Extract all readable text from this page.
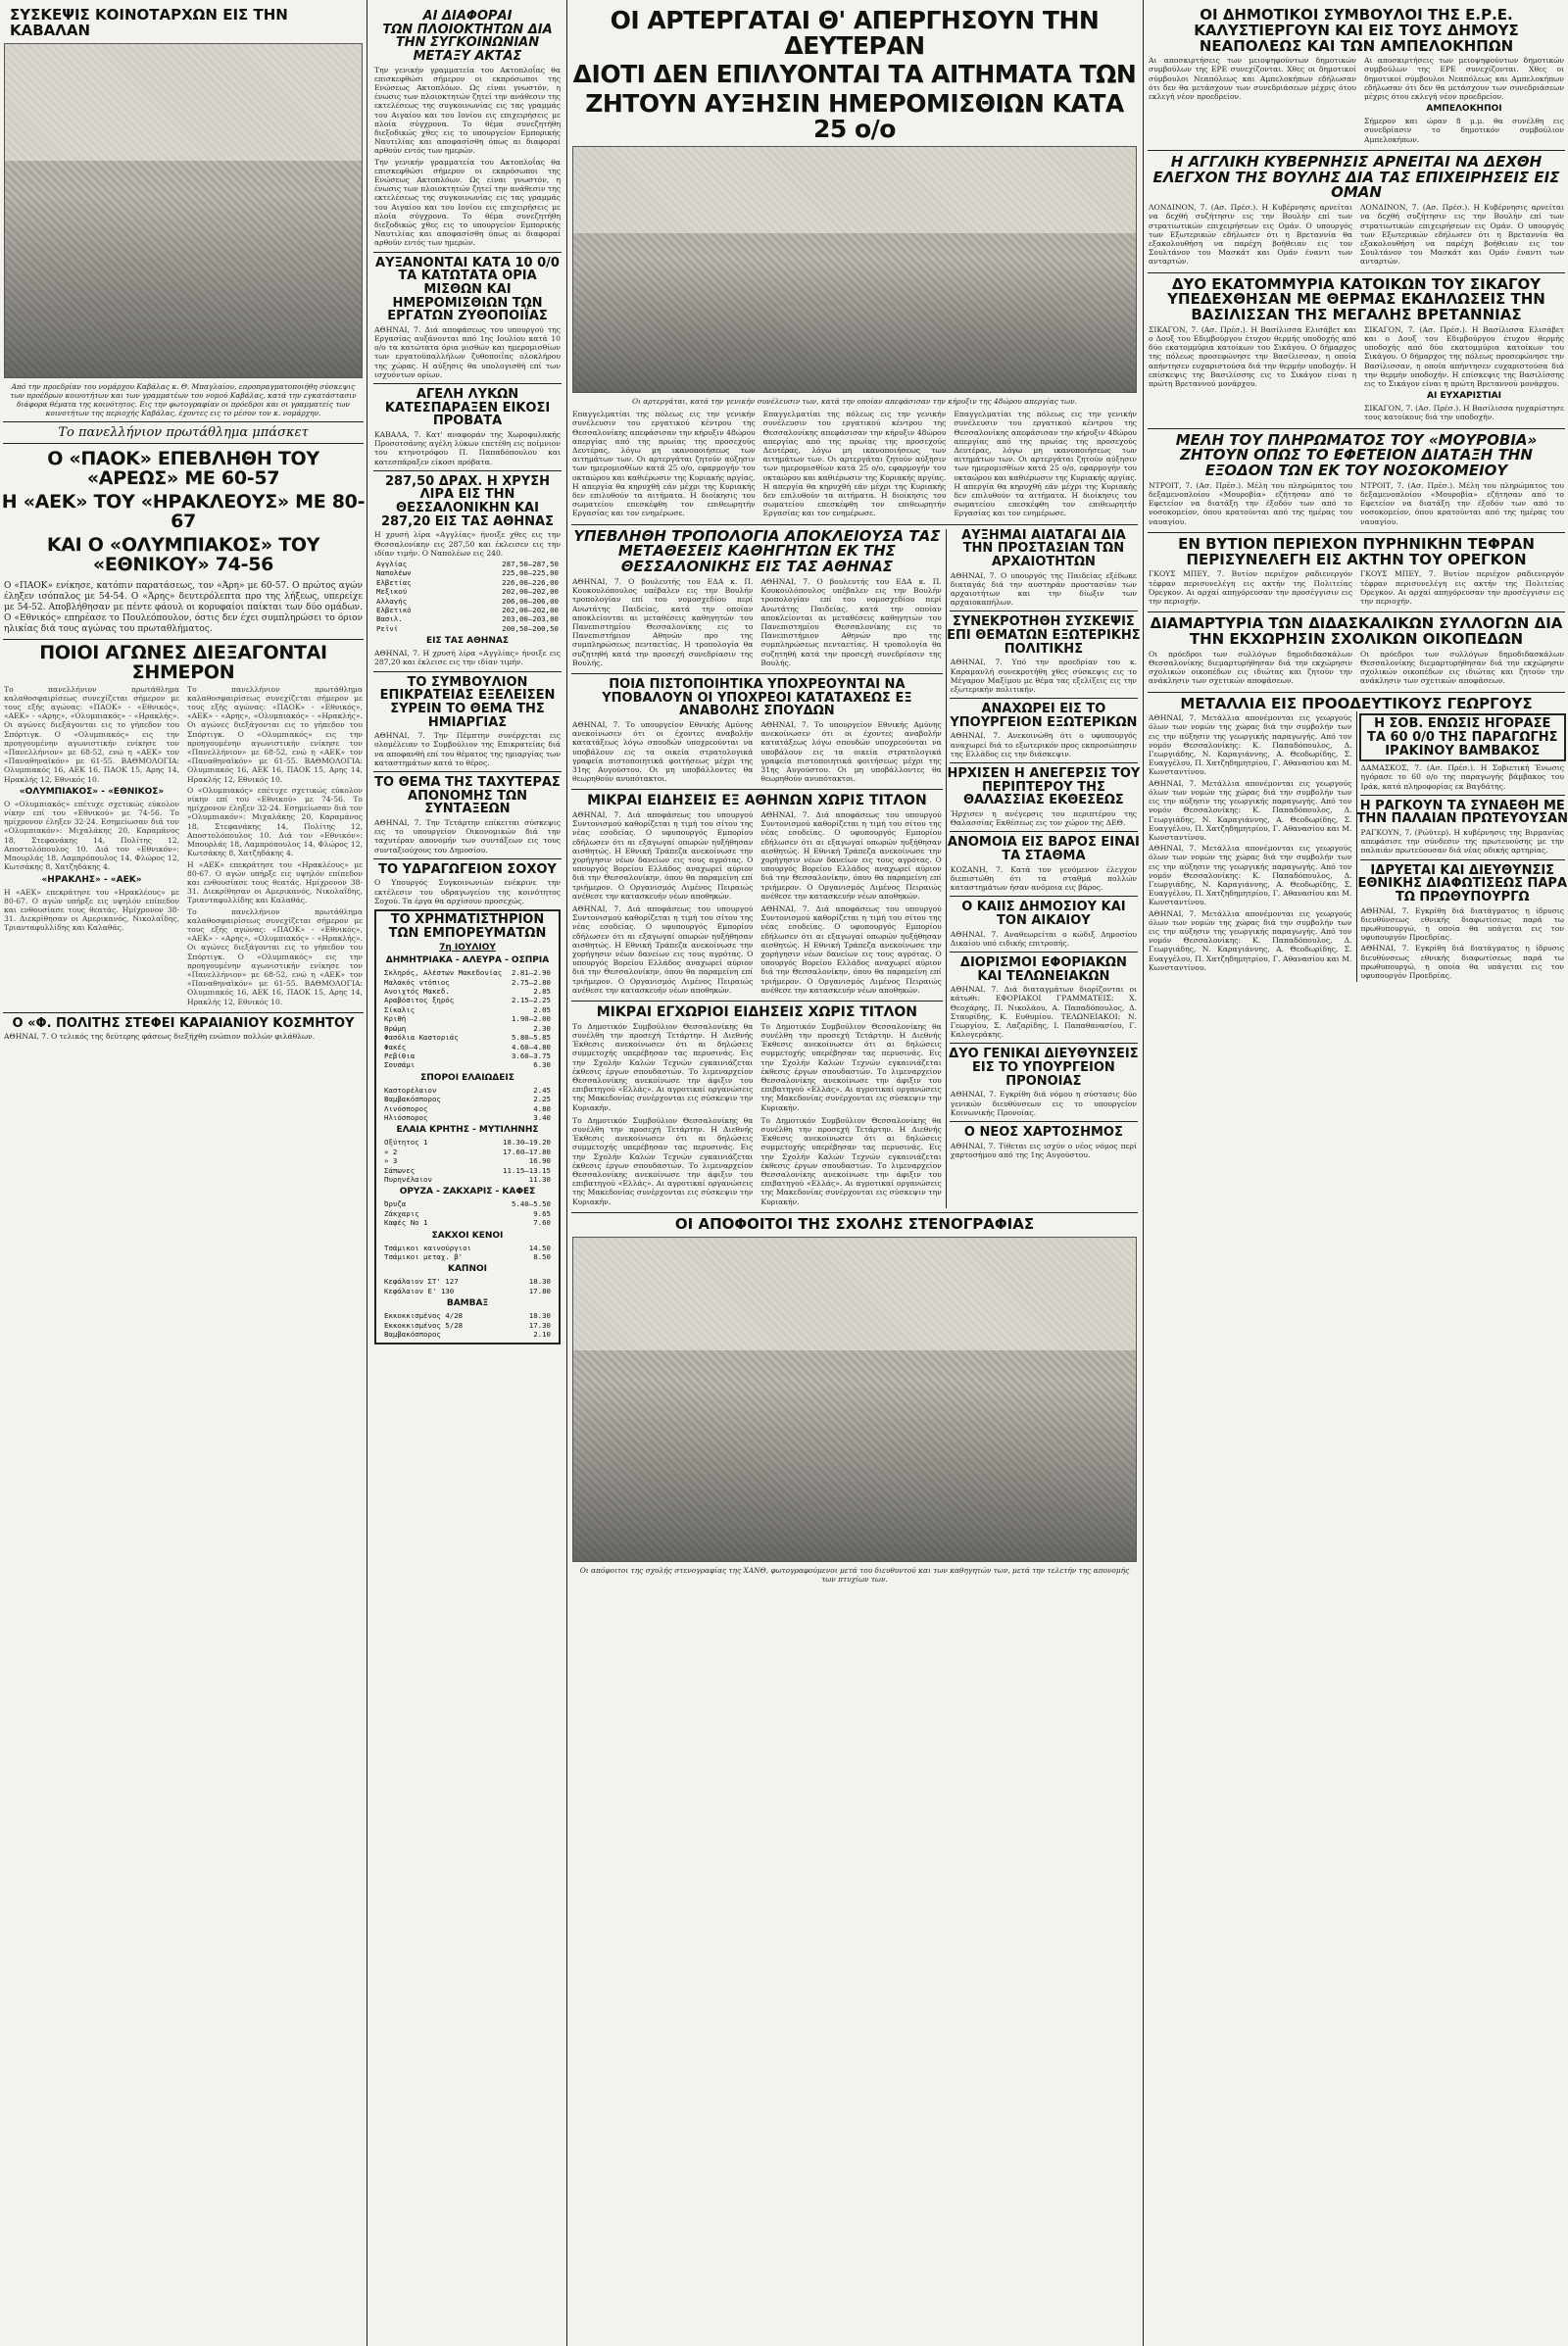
ΣΥΣΚΕΨΙΣ ΚΟΙΝΟΤΑΡΧΩΝ ΕΙΣ ΤΗΝ ΚΑΒΑΛΑΝ

Από την προεδρίαν του νομάρχου Καβάλας κ. Θ. Μπαγλαίου, επροπραγματοποιήθη σύσκεψις των προέδρων κοινοτήτων και των γραμματέων του νομού Καβάλας, κατά την εγκατάστασιν διάφορα θέματα της κοινότητος. Εις την φωτογραφίαν οι πρόεδροι και οι γραμματείς των κοινοτήτων της περιοχής Καβάλας, έχοντες εις το μέσον τον κ. νομάρχην.

Το πανελλήνιον πρωτάθλημα μπάσκετ

Ο «ΠΑΟΚ» ΕΠΕΒΛΗΘΗ ΤΟΥ «ΑΡΕΩΣ» ΜΕ 60-57
Η «ΑΕΚ» ΤΟΥ «ΗΡΑΚΛΕΟΥΣ» ΜΕ 80-67
ΚΑΙ Ο «ΟΛΥΜΠΙΑΚΟΣ» ΤΟΥ «ΕΘΝΙΚΟΥ» 74-56

Ο «ΠΑΟΚ» ενίκησε, κατόπιν παρατάσεως, τον «Άρη» με 60-57. Ο πρώτος αγών έληξεν ισόπαλος με 54-54. Ο «Άρης» δευτερόλεπτα προ της λήξεως, υπερείχε με 54-52. Αποβλήθησαν με πέντε φάουλ οι κορυφαίοι παίκται των δύο ομάδων. Ο «Εθνικός» επηρέασε το Πουλεόπουλον, όστις δεν έχει συμπληρώσει το όριον ηλικίας διά τους αγώνας του πρωταθλήματος.

ΠΟΙΟΙ ΑΓΩΝΕΣ ΔΙΕΞΑΓΟΝΤΑΙ ΣΗΜΕΡΟΝ

Το πανελλήνιον πρωτάθλημα καλαθοσφαιρίσεως συνεχίζεται σήμερον με τους εξής αγώνας: «ΠΑΟΚ» - «Εθνικός», «ΑΕΚ» - «Αρης», «Ολυμπιακός» - «Ηρακλής». Οι αγώνες διεξάγονται εις το γήπεδον του Σπόρτιγκ. Ο «Ολυμπιακός» εις την προηγουμένην αγωνιστικήν ενίκησε τον «Πανελλήνιον» με 68-52, ενώ η «ΑΕΚ» τον «Παναθηναϊκόν» με 61-55. ΒΑΘΜΟΛΟΓΙΑ: Ολυμπιακός 16, ΑΕΚ 16, ΠΑΟΚ 15, Αρης 14, Ηρακλής 12, Εθνικός 10.

«ΟΛΥΜΠΙΑΚΟΣ» - «ΕΘΝΙΚΟΣ»

Ο «Ολυμπιακός» επέτυχε σχετικώς εύκολον νίκην επί του «Εθνικού» με 74-56. Το ημίχρονον έληξεν 32-24. Εσημείωσαν διά τον «Ολυμπιακόν»: Μιχαλάκης 20, Καραμάνος 18, Στεφανάκης 14, Πολίτης 12, Αποστολόπουλος 10. Διά τον «Εθνικόν»: Μπουρλάς 18, Λαμπρόπουλος 14, Φλώρος 12, Κωτσάκης 8, Χατζηδάκης 4.

«ΗΡΑΚΛΗΣ» - «ΑΕΚ»

Η «ΑΕΚ» επεκράτησε του «Ηρακλέους» με 80-67. Ο αγών υπήρξε εις υψηλόν επίπεδον και ενθουσίασε τους θεατάς. Ημίχρονον 38-31. Διεκρίθησαν οι Αμερικανός, Νικολαΐδης, Τριανταφυλλίδης και Καλαθάς.

Το πανελλήνιον πρωτάθλημα καλαθοσφαιρίσεως συνεχίζεται σήμερον με τους εξής αγώνας: «ΠΑΟΚ» - «Εθνικός», «ΑΕΚ» - «Αρης», «Ολυμπιακός» - «Ηρακλής». Οι αγώνες διεξάγονται εις το γήπεδον του Σπόρτιγκ. Ο «Ολυμπιακός» εις την προηγουμένην αγωνιστικήν ενίκησε τον «Πανελλήνιον» με 68-52, ενώ η «ΑΕΚ» τον «Παναθηναϊκόν» με 61-55. ΒΑΘΜΟΛΟΓΙΑ: Ολυμπιακός 16, ΑΕΚ 16, ΠΑΟΚ 15, Αρης 14, Ηρακλής 12, Εθνικός 10.

Ο «Ολυμπιακός» επέτυχε σχετικώς εύκολον νίκην επί του «Εθνικού» με 74-56. Το ημίχρονον έληξεν 32-24. Εσημείωσαν διά τον «Ολυμπιακόν»: Μιχαλάκης 20, Καραμάνος 18, Στεφανάκης 14, Πολίτης 12, Αποστολόπουλος 10. Διά τον «Εθνικόν»: Μπουρλάς 18, Λαμπρόπουλος 14, Φλώρος 12, Κωτσάκης 8, Χατζηδάκης 4.

Η «ΑΕΚ» επεκράτησε του «Ηρακλέους» με 80-67. Ο αγών υπήρξε εις υψηλόν επίπεδον και ενθουσίασε τους θεατάς. Ημίχρονον 38-31. Διεκρίθησαν οι Αμερικανός, Νικολαΐδης, Τριανταφυλλίδης και Καλαθάς.

Το πανελλήνιον πρωτάθλημα καλαθοσφαιρίσεως συνεχίζεται σήμερον με τους εξής αγώνας: «ΠΑΟΚ» - «Εθνικός», «ΑΕΚ» - «Αρης», «Ολυμπιακός» - «Ηρακλής». Οι αγώνες διεξάγονται εις το γήπεδον του Σπόρτιγκ. Ο «Ολυμπιακός» εις την προηγουμένην αγωνιστικήν ενίκησε τον «Πανελλήνιον» με 68-52, ενώ η «ΑΕΚ» τον «Παναθηναϊκόν» με 61-55. ΒΑΘΜΟΛΟΓΙΑ: Ολυμπιακός 16, ΑΕΚ 16, ΠΑΟΚ 15, Αρης 14, Ηρακλής 12, Εθνικός 10.

Ο «Φ. ΠΟΛΙΤΗΣ ΣΤΕΦΕΙ ΚΑΡΑΙΑΝΙΟΥ ΚΟΣΜΗΤΟΥ

ΑΘΗΝΑΙ, 7. Ο τελικός της δεύτερης φάσεως διεξήχθη ενώπιον πολλών φιλάθλων.

ΑΙ ΔΙΑΦΟΡΑΙ

ΤΩΝ ΠΛΟΙΟΚΤΗΤΩΝ ΔΙΑ ΤΗΝ ΣΥΓΚΟΙΝΩΝΙΑΝ ΜΕΤΑΞΥ ΑΚΤΑΣ

Την γενικήν γραμματεία του Ακτοπλοΐας θα επισκεφθώσι σήμερον οι εκπρόσωποι της Ενώσεως Ακτοπλόων. Ως είναι γνωστόν, η ένωσις των πλοιοκτητών ζητεί την ανάθεσιν της εκτελέσεως της συγκοινωνίας εις τας γραμμάς του Αιγαίου και του Ιονίου εις επιχειρήσεις με πλοία σύγχρονα. Το θέμα συνεζητήθη διεξοδικώς χθες εις το υπουργείον Εμπορικής Ναυτιλίας και αποφασίσθη όπως αι διαφοραί αρθούν εντός των ημερών.

Την γενικήν γραμματεία του Ακτοπλοΐας θα επισκεφθώσι σήμερον οι εκπρόσωποι της Ενώσεως Ακτοπλόων. Ως είναι γνωστόν, η ένωσις των πλοιοκτητών ζητεί την ανάθεσιν της εκτελέσεως της συγκοινωνίας εις τας γραμμάς του Αιγαίου και του Ιονίου εις επιχειρήσεις με πλοία σύγχρονα. Το θέμα συνεζητήθη διεξοδικώς χθες εις το υπουργείον Εμπορικής Ναυτιλίας και αποφασίσθη όπως αι διαφοραί αρθούν εντός των ημερών.

ΑΥΞΑΝΟΝΤΑΙ ΚΑΤΑ 10 0/0 ΤΑ ΚΑΤΩΤΑΤΑ ΟΡΙΑ ΜΙΣΘΩΝ ΚΑΙ ΗΜΕΡΟΜΙΣΘΙΩΝ ΤΩΝ ΕΡΓΑΤΩΝ ΖΥΘΟΠΟΙΪΑΣ

ΑΘΗΝΑΙ, 7. Διά αποφάσεως του υπουργού της Εργασίας αυξάνονται από 1ης Ιουλίου κατά 10 ο/ο τα κατώτατα όρια μισθών και ημερομισθίων των εργατοϋπαλλήλων ζυθοποιΐας ολοκλήρου της χώρας. Η αύξησις θα υπολογισθή επί των ισχυόντων ορίων.

ΑΓΕΛΗ ΛΥΚΩΝ ΚΑΤΕΣΠΑΡΑΞΕΝ ΕΙΚΟΣΙ ΠΡΟΒΑΤΑ

ΚΑΒΑΛΑ, 7. Κατ' αναφοράν της Χωροφυλακής Προσοτσάνης αγέλη λύκων επετέθη εις ποίμνιον του κτηνοτρόφου Π. Παπαδόπουλου και κατεσπάραξεν είκοσι πρόβατα.

287,50 ΔΡΑΧ. Η ΧΡΥΣΗ ΛΙΡΑ ΕΙΣ ΤΗΝ ΘΕΣΣΑΛΟΝΙΚΗΝ ΚΑΙ 287,20 ΕΙΣ ΤΑΣ ΑΘΗΝΑΣ

Η χρυσή λίρα «Αγγλίας» ήνοιξε χθες εις την Θεσσαλονίκην εις 287,50 και έκλεισεν εις την ιδίαν τιμήν. Ο Ναπολέων εις 240.

Αγγλίας	287,50—287,50
Ναπολέων	225,00—225,00
Ελβετίας	226,00—226,00
Μεξικού	202,00—202,00
Αλλαγής	206,00—206,00
Ελβετικό	202,00—202,00
Βασιλ.	203,00—203,00
Ρεϊνί	200,50—200,50

ΕΙΣ ΤΑΣ ΑΘΗΝΑΣ

ΑΘΗΝΑΙ, 7. Η χρυσή λίρα «Αγγλίας» ήνοιξε εις 287,20 και έκλεισε εις την ιδίαν τιμήν.

ΤΟ ΣΥΜΒΟΥΛΙΟΝ ΕΠΙΚΡΑΤΕΙΑΣ ΕΞΕΛΕΙΣΕΝ ΣΥΡΕΙΝ ΤΟ ΘΕΜΑ ΤΗΣ ΗΜΙΑΡΓΙΑΣ

ΑΘΗΝΑΙ, 7. Την Πέμπτην συνέρχεται εις ολομέλειαν το Συμβούλιον της Επικρατείας διά να αποφανθή επί του θέματος της ημιαργίας των καταστημάτων κατά το θέρος.

ΤΟ ΘΕΜΑ ΤΗΣ ΤΑΧΥΤΕΡΑΣ ΑΠΟΝΟΜΗΣ ΤΩΝ ΣΥΝΤΑΞΕΩΝ

ΑΘΗΝΑΙ, 7. Την Τετάρτην επίκειται σύσκεψις εις το υπουργείον Οικονομικών διά την ταχυτέραν απονομήν των συντάξεων εις τους συνταξιούχους του Δημοσίου.

ΤΟ ΥΔΡΑΓΩΓΕΙΟΝ ΣΟΧΟΥ

Ο Υπουργός Συγκοινωνιών ενέκρινε την εκτέλεσιν του υδραγωγείου της κοινότητος Σοχού. Τα έργα θα αρχίσουν προσεχώς.

ΤΟ ΧΡΗΜΑΤΙΣΤΗΡΙΟΝ ΤΩΝ ΕΜΠΟΡΕΥΜΑΤΩΝ

7η ΙΟΥΛΙΟΥ

ΔΗΜΗΤΡΙΑΚΑ - ΑΛΕΥΡΑ - ΟΣΠΡΙΑ

Σκληρός, Αλέστων Μακεδονίας 2.81—2.90
Μαλακός ντόπιος	2.75—2.80
Ανοιχτός Μακεδ.	2.85
Αραβόσιτος ξηρός	2.15—2.25
Σίκαλις	2.05
Κριθή	1.90—2.00
Βρώμη	2.30
Φασόλια Καστοριάς	5.80—5.85
Φακές	4.60—4.80
Ρεβίθια	3.60—3.75
Σουσάμι	6.30

ΣΠΟΡΟΙ ΕΛΑΙΩΔΕΙΣ

Καστορέλαιον	2.45
Βαμβακόσπορος	2.25
Λινόσπορος	4.80
Ηλιόσπορος	3.40

ΕΛΑΙΑ ΚΡΗΤΗΣ - ΜΥΤΙΛΗΝΗΣ

Οξύτητος 1	18.30—19.20
» 2	17.60—17.80
» 3	16.90
Σάπωνες	11.15—13.15
Πυρηνέλαιον	11.30

ΟΡΥΖΑ - ΖΑΚΧΑΡΙΣ - ΚΑΦΕΣ

Όρυζα	5.40—5.50
Ζάκχαρις	9.65
Καφές Νο 1	7.60

ΣΑΚΧΟΙ ΚΕΝΟΙ

Τσάμικοι καινούργιοι	14.50
Τσάμικοι μεταχ. β'	8.50

ΚΑΠΝΟΙ

Κεφάλαιον ΣΤ' 127	18.30
Κεφάλαιον Ε' 130	17.80

ΒΑΜΒΑΞ

Εκκοκκισμένος 4/28	18.30
Εκκοκκισμένος 5/28	17.30
Βαμβακόσπορος	2.10
ΟΙ ΑΡΤΕΡΓΑΤΑΙ Θ' ΑΠΕΡΓΗΣΟΥΝ ΤΗΝ ΔΕΥΤΕΡΑΝ
ΔΙΟΤΙ ΔΕΝ ΕΠΙΛΥΟΝΤΑΙ ΤΑ ΑΙΤΗΜΑΤΑ ΤΩΝ
ΖΗΤΟΥΝ ΑΥΞΗΣΙΝ ΗΜΕΡΟΜΙΣΘΙΩΝ ΚΑΤΑ 25 ο/ο

Οι αρτεργάται, κατά την γενικήν συνέλευσιν των, κατά την οποίαν απεφάσισαν την κήρυξιν της 48ώρου απεργίας των.

Επαγγελματίαι της πόλεως εις την γενικήν συνέλευσιν του εργατικού κέντρου της Θεσσαλονίκης απεφάσισαν την κήρυξιν 48ώρου απεργίας από της πρωίας της προσεχούς Δευτέρας, λόγω μη ικανοποιήσεως των αιτημάτων των. Οι αρτεργάται ζητούν αύξησιν των ημερομισθίων κατά 25 ο/ο, εφαρμογήν του οκταώρου και καθιέρωσιν της Κυριακής αργίας. Η απεργία θα κηρυχθή εάν μέχρι της Κυριακής δεν επιλυθούν τα αιτήματα. Η διοίκησις του σωματείου επεσκέφθη τον επιθεωρητήν Εργασίας και τον ενημέρωσε.

Επαγγελματίαι της πόλεως εις την γενικήν συνέλευσιν του εργατικού κέντρου της Θεσσαλονίκης απεφάσισαν την κήρυξιν 48ώρου απεργίας από της πρωίας της προσεχούς Δευτέρας, λόγω μη ικανοποιήσεως των αιτημάτων των. Οι αρτεργάται ζητούν αύξησιν των ημερομισθίων κατά 25 ο/ο, εφαρμογήν του οκταώρου και καθιέρωσιν της Κυριακής αργίας. Η απεργία θα κηρυχθή εάν μέχρι της Κυριακής δεν επιλυθούν τα αιτήματα. Η διοίκησις του σωματείου επεσκέφθη τον επιθεωρητήν Εργασίας και τον ενημέρωσε.

Επαγγελματίαι της πόλεως εις την γενικήν συνέλευσιν του εργατικού κέντρου της Θεσσαλονίκης απεφάσισαν την κήρυξιν 48ώρου απεργίας από της πρωίας της προσεχούς Δευτέρας, λόγω μη ικανοποιήσεως των αιτημάτων των. Οι αρτεργάται ζητούν αύξησιν των ημερομισθίων κατά 25 ο/ο, εφαρμογήν του οκταώρου και καθιέρωσιν της Κυριακής αργίας. Η απεργία θα κηρυχθή εάν μέχρι της Κυριακής δεν επιλυθούν τα αιτήματα. Η διοίκησις του σωματείου επεσκέφθη τον επιθεωρητήν Εργασίας και τον ενημέρωσε.

ΥΠΕΒΛΗΘΗ ΤΡΟΠΟΛΟΓΙΑ ΑΠΟΚΛΕΙΟΥΣΑ ΤΑΣ ΜΕΤΑΘΕΣΕΙΣ ΚΑΘΗΓΗΤΩΝ ΕΚ ΤΗΣ ΘΕΣΣΑΛΟΝΙΚΗΣ ΕΙΣ ΤΑΣ ΑΘΗΝΑΣ

ΑΘΗΝΑΙ, 7. Ο βουλευτής του ΕΔΑ κ. Π. Κουκουλόπουλος υπέβαλεν εις την Βουλήν τροπολογίαν επί του νομοσχεδίου περί Ανωτάτης Παιδείας, κατά την οποίαν αποκλείονται αι μεταθέσεις καθηγητών του Πανεπιστημίου Θεσσαλονίκης εις το Πανεπιστήμιον Αθηνών προ της συμπληρώσεως πενταετίας. Η τροπολογία θα συζητηθή κατά την προσεχή συνεδρίασιν της Βουλής.

ΑΘΗΝΑΙ, 7. Ο βουλευτής του ΕΔΑ κ. Π. Κουκουλόπουλος υπέβαλεν εις την Βουλήν τροπολογίαν επί του νομοσχεδίου περί Ανωτάτης Παιδείας, κατά την οποίαν αποκλείονται αι μεταθέσεις καθηγητών του Πανεπιστημίου Θεσσαλονίκης εις το Πανεπιστήμιον Αθηνών προ της συμπληρώσεως πενταετίας. Η τροπολογία θα συζητηθή κατά την προσεχή συνεδρίασιν της Βουλής.

ΠΟΙΑ ΠΙΣΤΟΠΟΙΗΤΙΚΑ ΥΠΟΧΡΕΟΥΝΤΑΙ ΝΑ ΥΠΟΒΑΛΟΥΝ ΟΙ ΥΠΟΧΡΕΟΙ ΚΑΤΑΤΑΧΕΩΣ ΕΞ ΑΝΑΒΟΛΗΣ ΣΠΟΥΔΩΝ

ΑΘΗΝΑΙ, 7. Το υπουργείον Εθνικής Αμύνης ανεκοίνωσεν ότι οι έχοντες αναβολήν κατατάξεως λόγω σπουδών υποχρεούνται να υποβάλουν εις τα οικεία στρατολογικά γραφεία πιστοποιητικά φοιτήσεως μέχρι της 31ης Αυγούστου. Οι μη υποβάλλοντες θα θεωρηθούν ανυπότακτοι.

ΑΘΗΝΑΙ, 7. Το υπουργείον Εθνικής Αμύνης ανεκοίνωσεν ότι οι έχοντες αναβολήν κατατάξεως λόγω σπουδών υποχρεούνται να υποβάλουν εις τα οικεία στρατολογικά γραφεία πιστοποιητικά φοιτήσεως μέχρι της 31ης Αυγούστου. Οι μη υποβάλλοντες θα θεωρηθούν ανυπότακτοι.

ΜΙΚΡΑΙ ΕΙΔΗΣΕΙΣ ΕΞ ΑΘΗΝΩΝ ΧΩΡΙΣ ΤΙΤΛΟΝ

ΑΘΗΝΑΙ, 7. Διά αποφάσεως του υπουργού Συντονισμού καθορίζεται η τιμή του σίτου της νέας εσοδείας. Ο υφυπουργός Εμπορίου εδήλωσεν ότι αι εξαγωγαί οπωρών ηυξήθησαν αισθητώς. Η Εθνική Τράπεζα ανεκοίνωσε την χορήγησιν νέων δανείων εις τους αγρότας. Ο υπουργός Βορείου Ελλάδος αναχωρεί αύριον διά την Θεσσαλονίκην, όπου θα παραμείνη επί τριήμερον. Ο Οργανισμός Λιμένος Πειραιώς ανέθεσε την κατασκευήν νέων αποθηκών.

ΑΘΗΝΑΙ, 7. Διά αποφάσεως του υπουργού Συντονισμού καθορίζεται η τιμή του σίτου της νέας εσοδείας. Ο υφυπουργός Εμπορίου εδήλωσεν ότι αι εξαγωγαί οπωρών ηυξήθησαν αισθητώς. Η Εθνική Τράπεζα ανεκοίνωσε την χορήγησιν νέων δανείων εις τους αγρότας. Ο υπουργός Βορείου Ελλάδος αναχωρεί αύριον διά την Θεσσαλονίκην, όπου θα παραμείνη επί τριήμερον. Ο Οργανισμός Λιμένος Πειραιώς ανέθεσε την κατασκευήν νέων αποθηκών.

ΑΘΗΝΑΙ, 7. Διά αποφάσεως του υπουργού Συντονισμού καθορίζεται η τιμή του σίτου της νέας εσοδείας. Ο υφυπουργός Εμπορίου εδήλωσεν ότι αι εξαγωγαί οπωρών ηυξήθησαν αισθητώς. Η Εθνική Τράπεζα ανεκοίνωσε την χορήγησιν νέων δανείων εις τους αγρότας. Ο υπουργός Βορείου Ελλάδος αναχωρεί αύριον διά την Θεσσαλονίκην, όπου θα παραμείνη επί τριήμερον. Ο Οργανισμός Λιμένος Πειραιώς ανέθεσε την κατασκευήν νέων αποθηκών.

ΑΘΗΝΑΙ, 7. Διά αποφάσεως του υπουργού Συντονισμού καθορίζεται η τιμή του σίτου της νέας εσοδείας. Ο υφυπουργός Εμπορίου εδήλωσεν ότι αι εξαγωγαί οπωρών ηυξήθησαν αισθητώς. Η Εθνική Τράπεζα ανεκοίνωσε την χορήγησιν νέων δανείων εις τους αγρότας. Ο υπουργός Βορείου Ελλάδος αναχωρεί αύριον διά την Θεσσαλονίκην, όπου θα παραμείνη επί τριήμερον. Ο Οργανισμός Λιμένος Πειραιώς ανέθεσε την κατασκευήν νέων αποθηκών.

ΜΙΚΡΑΙ ΕΓΧΩΡΙΟΙ ΕΙΔΗΣΕΙΣ ΧΩΡΙΣ ΤΙΤΛΟΝ

Το Δημοτικόν Συμβούλιον Θεσσαλονίκης θα συνέλθη την προσεχή Τετάρτην. Η Διεθνής Έκθεσις ανεκοίνωσεν ότι αι δηλώσεις συμμετοχής υπερέβησαν τας περυσινάς. Εις την Σχολήν Καλών Τεχνών εγκαινιάζεται έκθεσις έργων σπουδαστών. Το λιμεναρχείον Θεσσαλονίκης ανεκοίνωσε την άφιξιν του επιβατηγού «Ελλάς». Αι αγροτικαί οργανώσεις της Μακεδονίας συνέρχονται εις σύσκεψιν την Κυριακήν.

Το Δημοτικόν Συμβούλιον Θεσσαλονίκης θα συνέλθη την προσεχή Τετάρτην. Η Διεθνής Έκθεσις ανεκοίνωσεν ότι αι δηλώσεις συμμετοχής υπερέβησαν τας περυσινάς. Εις την Σχολήν Καλών Τεχνών εγκαινιάζεται έκθεσις έργων σπουδαστών. Το λιμεναρχείον Θεσσαλονίκης ανεκοίνωσε την άφιξιν του επιβατηγού «Ελλάς». Αι αγροτικαί οργανώσεις της Μακεδονίας συνέρχονται εις σύσκεψιν την Κυριακήν.

Το Δημοτικόν Συμβούλιον Θεσσαλονίκης θα συνέλθη την προσεχή Τετάρτην. Η Διεθνής Έκθεσις ανεκοίνωσεν ότι αι δηλώσεις συμμετοχής υπερέβησαν τας περυσινάς. Εις την Σχολήν Καλών Τεχνών εγκαινιάζεται έκθεσις έργων σπουδαστών. Το λιμεναρχείον Θεσσαλονίκης ανεκοίνωσε την άφιξιν του επιβατηγού «Ελλάς». Αι αγροτικαί οργανώσεις της Μακεδονίας συνέρχονται εις σύσκεψιν την Κυριακήν.

Το Δημοτικόν Συμβούλιον Θεσσαλονίκης θα συνέλθη την προσεχή Τετάρτην. Η Διεθνής Έκθεσις ανεκοίνωσεν ότι αι δηλώσεις συμμετοχής υπερέβησαν τας περυσινάς. Εις την Σχολήν Καλών Τεχνών εγκαινιάζεται έκθεσις έργων σπουδαστών. Το λιμεναρχείον Θεσσαλονίκης ανεκοίνωσε την άφιξιν του επιβατηγού «Ελλάς». Αι αγροτικαί οργανώσεις της Μακεδονίας συνέρχονται εις σύσκεψιν την Κυριακήν.

ΑΥΞΗΜΑΙ ΑΙΑΤΑΓΑΙ ΔΙΑ ΤΗΝ ΠΡΟΣΤΑΣΙΑΝ ΤΩΝ ΑΡΧΑΙΟΤΗΤΩΝ

ΑΘΗΝΑΙ, 7. Ο υπουργός της Παιδείας εξέδωκε διαταγάς διά την αυστηράν προστασίαν των αρχαιοτήτων και την δίωξιν των αρχαιοκαπήλων.

ΣΥΝΕΚΡΟΤΗΘΗ ΣΥΣΚΕΨΙΣ ΕΠΙ ΘΕΜΑΤΩΝ ΕΞΩΤΕΡΙΚΗΣ ΠΟΛΙΤΙΚΗΣ

ΑΘΗΝΑΙ, 7. Υπό την προεδρίαν του κ. Καραμανλή συνεκροτήθη χθες σύσκεψις εις το Μέγαρον Μαξίμου με θέμα τας εξελίξεις εις την εξωτερικήν πολιτικήν.

ΑΝΑΧΩΡΕΙ ΕΙΣ ΤΟ ΥΠΟΥΡΓΕΙΟΝ ΕΞΩΤΕΡΙΚΩΝ

ΑΘΗΝΑΙ, 7. Ανεκοινώθη ότι ο υφυπουργός αναχωρεί διά το εξωτερικόν προς εκπροσώπησιν της Ελλάδος εις την διάσκεψιν.

ΗΡΧΙΣΕΝ Η ΑΝΕΓΕΡΣΙΣ ΤΟΥ ΠΕΡΙΠΤΕΡΟΥ ΤΗΣ ΘΑΛΑΣΣΙΑΣ ΕΚΘΕΣΕΩΣ

Ήρχισεν η ανέγερσις του περιπτέρου της Θαλασσίας Εκθέσεως εις τον χώρον της ΔΕΘ.

ΑΝΟΜΟΙΑ ΕΙΣ ΒΑΡΟΣ ΕΙΝΑΙ ΤΑ ΣΤΑΘΜΑ

ΚΟΖΑΝΗ, 7. Κατά τον γενόμενον έλεγχον διεπιστώθη ότι τα σταθμά πολλών καταστημάτων ήσαν ανόμοια εις βάρος.

Ο ΚΑΙΙΣ ΔΗΜΟΣΙΟΥ ΚΑΙ ΤΟΝ ΑΙΚΑΙΟΥ

ΑΘΗΝΑΙ, 7. Αναθεωρείται ο κώδιξ Δημοσίου Δικαίου υπό ειδικής επιτροπής.

ΔΙΟΡΙΣΜΟΙ ΕΦΟΡΙΑΚΩΝ ΚΑΙ ΤΕΛΩΝΕΙΑΚΩΝ

ΑΘΗΝΑΙ, 7. Διά διαταγμάτων διορίζονται οι κάτωθι: ΕΦΟΡΙΑΚΟΙ ΓΡΑΜΜΑΤΕΙΣ: Χ. Θεοχάρης, Π. Νικολάου, Α. Παπαδόπουλος, Δ. Σταυρίδης, Κ. Ευθυμίου. ΤΕΛΩΝΕΙΑΚΟΙ: Ν. Γεωργίου, Σ. Λαζαρίδης, Ι. Παπαθανασίου, Γ. Καλογεράκης.

ΔΥΟ ΓΕΝΙΚΑΙ ΔΙΕΥΘΥΝΣΕΙΣ ΕΙΣ ΤΟ ΥΠΟΥΡΓΕΙΟΝ ΠΡΟΝΟΙΑΣ

ΑΘΗΝΑΙ, 7. Εγκρίθη διά νόμου η σύστασις δύο γενικών διευθύνσεων εις το υπουργείον Κοινωνικής Προνοίας.

Ο ΝΕΟΣ ΧΑΡΤΟΣΗΜΟΣ

ΑΘΗΝΑΙ, 7. Τίθεται εις ισχύν ο νέος νόμος περί χαρτοσήμου από της 1ης Αυγούστου.

ΟΙ ΑΠΟΦΟΙΤΟΙ ΤΗΣ ΣΧΟΛΗΣ ΣΤΕΝΟΓΡΑΦΙΑΣ

Οι απόφοιτοι της σχολής στενογραφίας της ΧΑΝΘ, φωτογραφούμενοι μετά του διευθυντού και των καθηγητών των, μετά την τελετήν της απονομής των πτυχίων των.

ΟΙ ΔΗΜΟΤΙΚΟΙ ΣΥΜΒΟΥΛΟΙ ΤΗΣ Ε.Ρ.Ε. ΚΑΛΥΣΤΙΕΡΓΟΥΝ ΚΑΙ ΕΙΣ ΤΟΥΣ ΔΗΜΟΥΣ ΝΕΑΠΟΛΕΩΣ ΚΑΙ ΤΩΝ ΑΜΠΕΛΟΚΗΠΩΝ

Αι αποσκιρτήσεις των μειοψηφούντων δημοτικών συμβούλων της ΕΡΕ συνεχίζονται. Χθες οι δημοτικοί σύμβουλοι Νεαπόλεως και Αμπελοκήπων εδήλωσαν ότι δεν θα μετάσχουν των συνεδριάσεων μέχρις ότου εκλεγή νέον προεδρείον.

Αι αποσκιρτήσεις των μειοψηφούντων δημοτικών συμβούλων της ΕΡΕ συνεχίζονται. Χθες οι δημοτικοί σύμβουλοι Νεαπόλεως και Αμπελοκήπων εδήλωσαν ότι δεν θα μετάσχουν των συνεδριάσεων μέχρις ότου εκλεγή νέον προεδρείον.

ΑΜΠΕΛΟΚΗΠΟΙ

Σήμερον και ώραν 8 μ.μ. θα συνέλθη εις συνεδρίασιν το δημοτικόν συμβούλιον Αμπελοκήπων.

Η ΑΓΓΛΙΚΗ ΚΥΒΕΡΝΗΣΙΣ ΑΡΝΕΙΤΑΙ ΝΑ ΔΕΧΘΗ ΕΛΕΓΧΟΝ ΤΗΣ ΒΟΥΛΗΣ ΔΙΑ ΤΑΣ ΕΠΙΧΕΙΡΗΣΕΙΣ ΕΙΣ ΟΜΑΝ

ΛΟΝΔΙΝΟΝ, 7. (Ασ. Πρέσ.). Η Κυβέρνησις αρνείται να δεχθή συζήτησιν εις την Βουλήν επί των στρατιωτικών επιχειρήσεων εις Ομάν. Ο υπουργός των Εξωτερικών εδήλωσεν ότι η Βρεταννία θα εξακολουθήση να παρέχη βοήθειαν εις τον Σουλτάνον του Μασκάτ και Ομάν έναντι των ανταρτών.

ΛΟΝΔΙΝΟΝ, 7. (Ασ. Πρέσ.). Η Κυβέρνησις αρνείται να δεχθή συζήτησιν εις την Βουλήν επί των στρατιωτικών επιχειρήσεων εις Ομάν. Ο υπουργός των Εξωτερικών εδήλωσεν ότι η Βρεταννία θα εξακολουθήση να παρέχη βοήθειαν εις τον Σουλτάνον του Μασκάτ και Ομάν έναντι των ανταρτών.

ΔΥΟ ΕΚΑΤΟΜΜΥΡΙΑ ΚΑΤΟΙΚΩΝ ΤΟΥ ΣΙΚΑΓΟΥ ΥΠΕΔΕΧΘΗΣΑΝ ΜΕ ΘΕΡΜΑΣ ΕΚΔΗΛΩΣΕΙΣ ΤΗΝ ΒΑΣΙΛΙΣΣΑΝ ΤΗΣ ΜΕΓΑΛΗΣ ΒΡΕΤΑΝΝΙΑΣ

ΣΙΚΑΓΟΝ, 7. (Ασ. Πρέσ.). Η Βασίλισσα Ελισάβετ και ο Δουξ του Εδιμβούργου έτυχον θερμής υποδοχής από δύο εκατομμύρια κατοίκων του Σικάγου. Ο δήμαρχος της πόλεως προσεφώνησε την Βασίλισσαν, η οποία απήντησεν ευχαριστούσα διά την θερμήν υποδοχήν. Η επίσκεψις της Βασιλίσσης εις το Σικάγον είναι η πρώτη Βρεταννού μονάρχου.

ΣΙΚΑΓΟΝ, 7. (Ασ. Πρέσ.). Η Βασίλισσα Ελισάβετ και ο Δουξ του Εδιμβούργου έτυχον θερμής υποδοχής από δύο εκατομμύρια κατοίκων του Σικάγου. Ο δήμαρχος της πόλεως προσεφώνησε την Βασίλισσαν, η οποία απήντησεν ευχαριστούσα διά την θερμήν υποδοχήν. Η επίσκεψις της Βασιλίσσης εις το Σικάγον είναι η πρώτη Βρεταννού μονάρχου.

ΑΙ ΕΥΧΑΡΙΣΤΙΑΙ

ΣΙΚΑΓΟΝ, 7. (Ασ. Πρέσ.). Η Βασίλισσα ηυχαρίστησε τους κατοίκους διά την υποδοχήν.

ΜΕΛΗ ΤΟΥ ΠΛΗΡΩΜΑΤΟΣ ΤΟΥ «ΜΟΥΡΟΒΙΑ» ΖΗΤΟΥΝ ΟΠΩΣ ΤΟ ΕΦΕΤΕΙΟΝ ΔΙΑΤΑΞΗ ΤΗΝ ΕΞΟΔΟΝ ΤΩΝ ΕΚ ΤΟΥ ΝΟΣΟΚΟΜΕΙΟΥ

ΝΤΡΟΙΤ, 7. (Ασ. Πρέσ.). Μέλη του πληρώματος του δεξαμενοπλοίου «Μουροβία» εζήτησαν από το Εφετείον να διατάξη την έξοδόν των από το νοσοκομείον, όπου κρατούνται από της ημέρας του ναυαγίου.

ΝΤΡΟΙΤ, 7. (Ασ. Πρέσ.). Μέλη του πληρώματος του δεξαμενοπλοίου «Μουροβία» εζήτησαν από το Εφετείον να διατάξη την έξοδόν των από το νοσοκομείον, όπου κρατούνται από της ημέρας του ναυαγίου.

ΕΝ ΒΥΤΙΟΝ ΠΕΡΙΕΧΟΝ ΠΥΡΗΝΙΚΗΝ ΤΕΦΡΑΝ ΠΕΡΙΣΥΝΕΛΕΓΗ ΕΙΣ ΑΚΤΗΝ ΤΟΥ ΟΡΕΓΚΟΝ

ΓΚΟΥΣ ΜΠΕΥ, 7. Βυτίον περιέχον ραδιενεργόν τέφραν περισυνελέγη εις ακτήν της Πολιτείας Όρεγκον. Αι αρχαί απηγόρευσαν την προσέγγισιν εις την περιοχήν.

ΓΚΟΥΣ ΜΠΕΥ, 7. Βυτίον περιέχον ραδιενεργόν τέφραν περισυνελέγη εις ακτήν της Πολιτείας Όρεγκον. Αι αρχαί απηγόρευσαν την προσέγγισιν εις την περιοχήν.

ΔΙΑΜΑΡΤΥΡΙΑ ΤΩΝ ΔΙΔΑΣΚΑΛΙΚΩΝ ΣΥΛΛΟΓΩΝ ΔΙΑ ΤΗΝ ΕΚΧΩΡΗΣΙΝ ΣΧΟΛΙΚΩΝ ΟΙΚΟΠΕΔΩΝ

Οι πρόεδροι των συλλόγων δημοδιδασκάλων Θεσσαλονίκης διεμαρτυρήθησαν διά την εκχώρησιν σχολικών οικοπέδων εις ιδιώτας και ζητούν την ανάκλησιν των σχετικών αποφάσεων.

Οι πρόεδροι των συλλόγων δημοδιδασκάλων Θεσσαλονίκης διεμαρτυρήθησαν διά την εκχώρησιν σχολικών οικοπέδων εις ιδιώτας και ζητούν την ανάκλησιν των σχετικών αποφάσεων.

ΜΕΤΑΛΛΙΑ ΕΙΣ ΠΡΟΟΔΕΥΤΙΚΟΥΣ ΓΕΩΡΓΟΥΣ

ΑΘΗΝΑΙ, 7. Μετάλλια απονέμονται εις γεωργούς όλων των νομών της χώρας διά την συμβολήν των εις την αύξησιν της γεωργικής παραγωγής. Από τον νομόν Θεσσαλονίκης: Κ. Παπαδόπουλος, Δ. Γεωργιάδης, Ν. Καραγιάννης, Α. Θεοδωρίδης, Σ. Ευαγγέλου, Π. Χατζηδημητρίου, Γ. Αθανασίου και Μ. Κωνσταντίνου.

ΑΘΗΝΑΙ, 7. Μετάλλια απονέμονται εις γεωργούς όλων των νομών της χώρας διά την συμβολήν των εις την αύξησιν της γεωργικής παραγωγής. Από τον νομόν Θεσσαλονίκης: Κ. Παπαδόπουλος, Δ. Γεωργιάδης, Ν. Καραγιάννης, Α. Θεοδωρίδης, Σ. Ευαγγέλου, Π. Χατζηδημητρίου, Γ. Αθανασίου και Μ. Κωνσταντίνου.

ΑΘΗΝΑΙ, 7. Μετάλλια απονέμονται εις γεωργούς όλων των νομών της χώρας διά την συμβολήν των εις την αύξησιν της γεωργικής παραγωγής. Από τον νομόν Θεσσαλονίκης: Κ. Παπαδόπουλος, Δ. Γεωργιάδης, Ν. Καραγιάννης, Α. Θεοδωρίδης, Σ. Ευαγγέλου, Π. Χατζηδημητρίου, Γ. Αθανασίου και Μ. Κωνσταντίνου.

ΑΘΗΝΑΙ, 7. Μετάλλια απονέμονται εις γεωργούς όλων των νομών της χώρας διά την συμβολήν των εις την αύξησιν της γεωργικής παραγωγής. Από τον νομόν Θεσσαλονίκης: Κ. Παπαδόπουλος, Δ. Γεωργιάδης, Ν. Καραγιάννης, Α. Θεοδωρίδης, Σ. Ευαγγέλου, Π. Χατζηδημητρίου, Γ. Αθανασίου και Μ. Κωνσταντίνου.

Η ΣΟΒ. ΕΝΩΣΙΣ ΗΓΟΡΑΣΕ ΤΑ 60 0/0 ΤΗΣ ΠΑΡΑΓΩΓΗΣ ΙΡΑΚΙΝΟΥ ΒΑΜΒΑΚΟΣ

ΔΑΜΑΣΚΟΣ, 7. (Ασ. Πρέσ.). Η Σοβιετική Ένωσις ηγόρασε το 60 ο/ο της παραγωγής βάμβακος του Ιράκ, κατά πληροφορίας εκ Βαγδάτης.

Η ΡΑΓΚΟΥΝ ΤΑ ΣΥΝΑΕΘΗ ΜΕ ΤΗΝ ΠΑΛΑΙΑΝ ΠΡΩΤΕΥΟΥΣΑΝ

ΡΑΓΚΟΥΝ, 7. (Ρώϋτερ). Η κυβέρνησις της Βιρμανίας απεφάσισε την σύνδεσιν της πρωτευούσης με την παλαιάν πρωτεύουσαν διά νέας οδικής αρτηρίας.

ΙΔΡΥΕΤΑΙ ΚΑΙ ΔΙΕΥΘΥΝΣΙΣ ΕΘΝΙΚΗΣ ΔΙΑΦΩΤΙΣΕΩΣ ΠΑΡΑ ΤΩ ΠΡΩΘΥΠΟΥΡΓΩ

ΑΘΗΝΑΙ, 7. Εγκρίθη διά διατάγματος η ίδρυσις διευθύνσεως εθνικής διαφωτίσεως παρά τω πρωθυπουργώ, η οποία θα υπάγεται εις τον υφυπουργόν Προεδρίας.

ΑΘΗΝΑΙ, 7. Εγκρίθη διά διατάγματος η ίδρυσις διευθύνσεως εθνικής διαφωτίσεως παρά τω πρωθυπουργώ, η οποία θα υπάγεται εις τον υφυπουργόν Προεδρίας.
